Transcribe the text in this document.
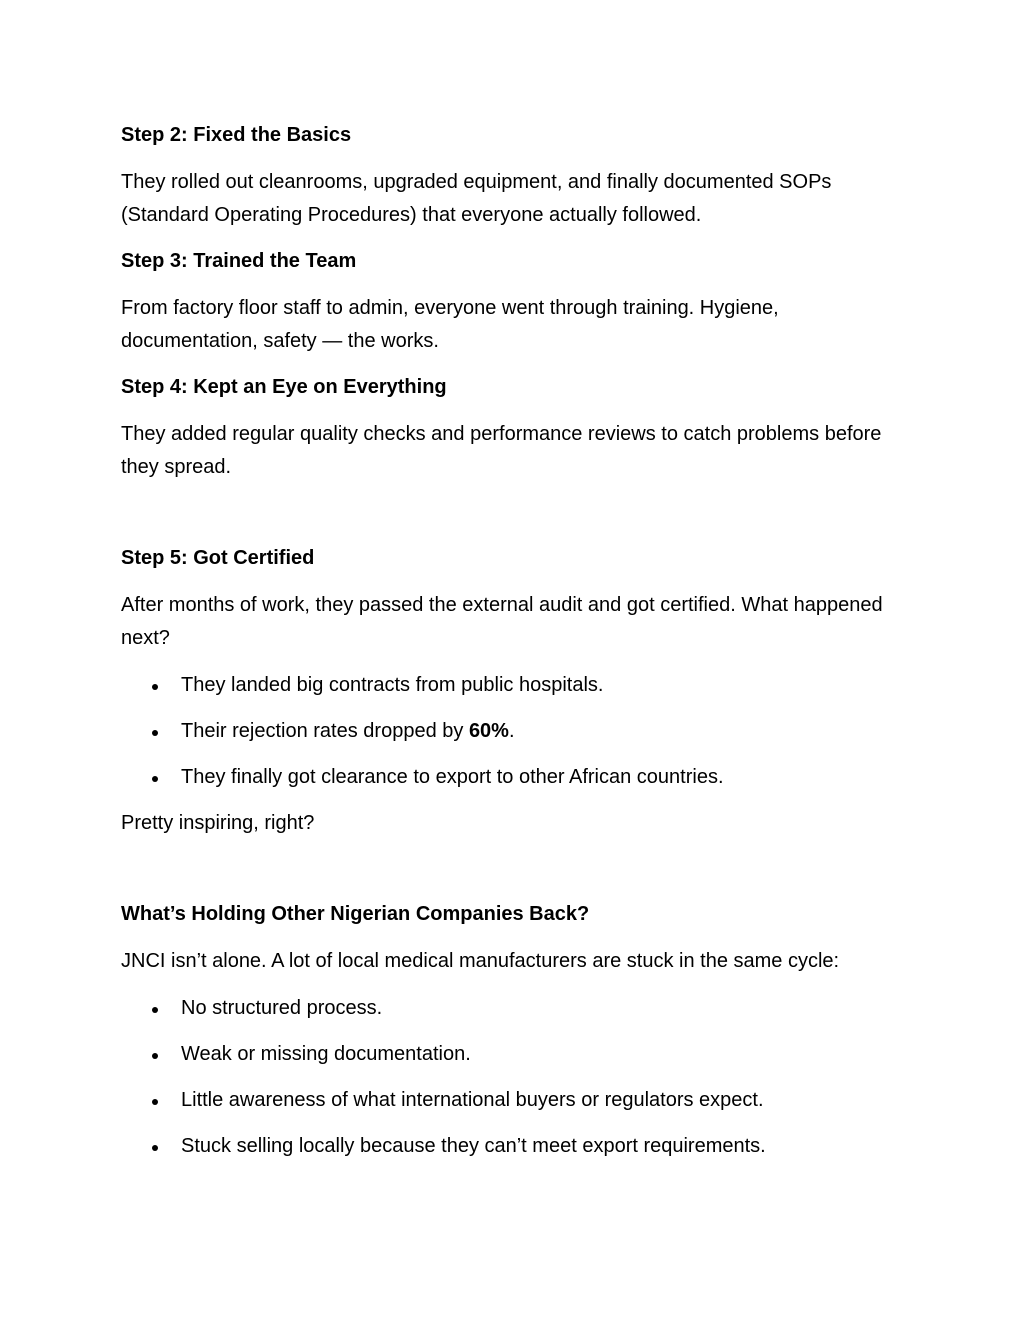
Step 2: Fixed the Basics
They rolled out cleanrooms, upgraded equipment, and finally documented SOPs (Standard Operating Procedures) that everyone actually followed.
Step 3: Trained the Team
From factory floor staff to admin, everyone went through training. Hygiene, documentation, safety — the works.
Step 4: Kept an Eye on Everything
They added regular quality checks and performance reviews to catch problems before they spread.
Step 5: Got Certified
After months of work, they passed the external audit and got certified. What happened next?
They landed big contracts from public hospitals.
Their rejection rates dropped by 60%.
They finally got clearance to export to other African countries.
Pretty inspiring, right?
What’s Holding Other Nigerian Companies Back?
JNCI isn’t alone. A lot of local medical manufacturers are stuck in the same cycle:
No structured process.
Weak or missing documentation.
Little awareness of what international buyers or regulators expect.
Stuck selling locally because they can’t meet export requirements.
